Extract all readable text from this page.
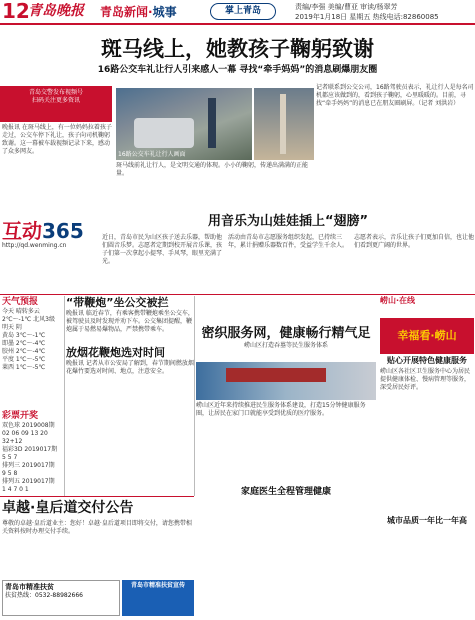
12
青岛晚报 青岛新闻·城事	掌上青岛	责编/李强 美编/曹亚 审读/杨翠芳
2019年1月18日 星期五 热线电话:82860085
斑马线上，她教孩子鞠躬致谢
16路公交车礼让行人引来感人一幕 寻找“牵手妈妈”的消息刷爆朋友圈
青岛交警发布视频号
扫码关注更多资讯
晚报讯 在斑马线上，有一位妈妈拉着孩子走过，公交车停下礼让，孩子向司机鞠躬致谢。这一幕被车载视频记录下来，感动了众多网友。	16路公交车礼让行人画面
记者联系到公交公司，16路驾驶员表示，礼让行人是每名司机都应该做到的，看到孩子鞠躬，心里暖暖的。目前，寻找“牵手妈妈”的消息已在朋友圈刷屏。（记者 刘洪岩）
斑马线前礼让行人，是文明交通的体现。小小的鞠躬，传递出满满的正能量。
互动365
http://qd.wenming.cn
用音乐为山娃娃插上“翅膀”
近日，青岛市民为山区孩子送去乐器，帮助他们圆音乐梦。志愿者定期到校开展音乐课，孩子们第一次拿起小提琴、手风琴，眼里充满了光。
活动由青岛市志愿服务组织发起，已持续三年，累计捐赠乐器数百件，受益学生千余人。
志愿者表示，音乐让孩子们更加自信，也让他们看到更广阔的世界。
天气预报
今天 晴转多云
2℃～-1℃ 北风3级
明天 阴
黄岛 3℃～-1℃
即墨 2℃～-4℃
胶州 2℃～-4℃
平度 1℃～-5℃
莱西 1℃～-5℃
彩票开奖
双色球 2019008期
02 06 09 13 20 32+12
福彩3D 2019017期
5 5 7
排列三 2019017期
9 5 8
排列五 2019017期
1 4 7 0 1
“带鞭炮”坐公交被拦
晚报讯 临近春节，有乘客携带鞭炮乘坐公交车，被驾驶员及时发现并劝下车。公交集团提醒，鞭炮属于易燃易爆物品，严禁携带乘车。
放烟花鞭炮选对时间
晚报讯 记者从市公安局了解到，春节期间燃放烟花爆竹要选对时间、地点，注意安全。
密织服务网，健康畅行精气足
崂山区打造吞墓等民生服务体系
崂山区近年来持续推进民生服务体系建设，打造15分钟健康服务圈，让居民在家门口就能享受到优质的医疗服务。
家庭医生全程管理健康
崂山·在线
幸福看·崂山
贴心开展特色健康服务
崂山区各社区卫生服务中心为居民提供健康体检、慢病管理等服务，深受居民好评。
城市品质一年比一年高
卓越·皇后道交付公告
尊敬的卓越·皇后道业主：您好！卓越·皇后道项目即将交付，请您携带相关资料按时办理交付手续。
青岛市精准扶贫
扶贫热线：0532-88982666
青岛市精准扶贫宣传
